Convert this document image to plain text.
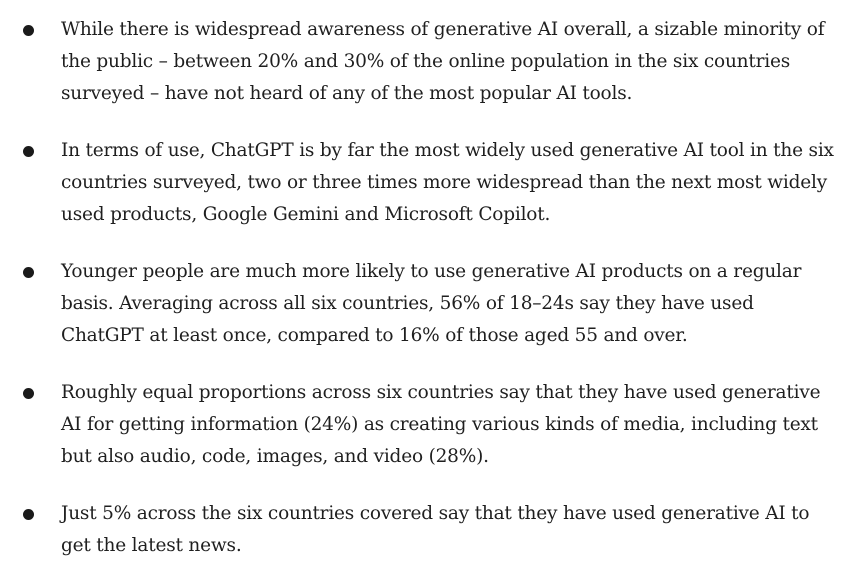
While there is widespread awareness of generative AI overall, a sizable minority of the public – between 20% and 30% of the online population in the six countries surveyed – have not heard of any of the most popular AI tools.
In terms of use, ChatGPT is by far the most widely used generative AI tool in the six countries surveyed, two or three times more widespread than the next most widely used products, Google Gemini and Microsoft Copilot.
Younger people are much more likely to use generative AI products on a regular basis. Averaging across all six countries, 56% of 18–24s say they have used ChatGPT at least once, compared to 16% of those aged 55 and over.
Roughly equal proportions across six countries say that they have used generative AI for getting information (24%) as creating various kinds of media, including text but also audio, code, images, and video (28%).
Just 5% across the six countries covered say that they have used generative AI to get the latest news.
